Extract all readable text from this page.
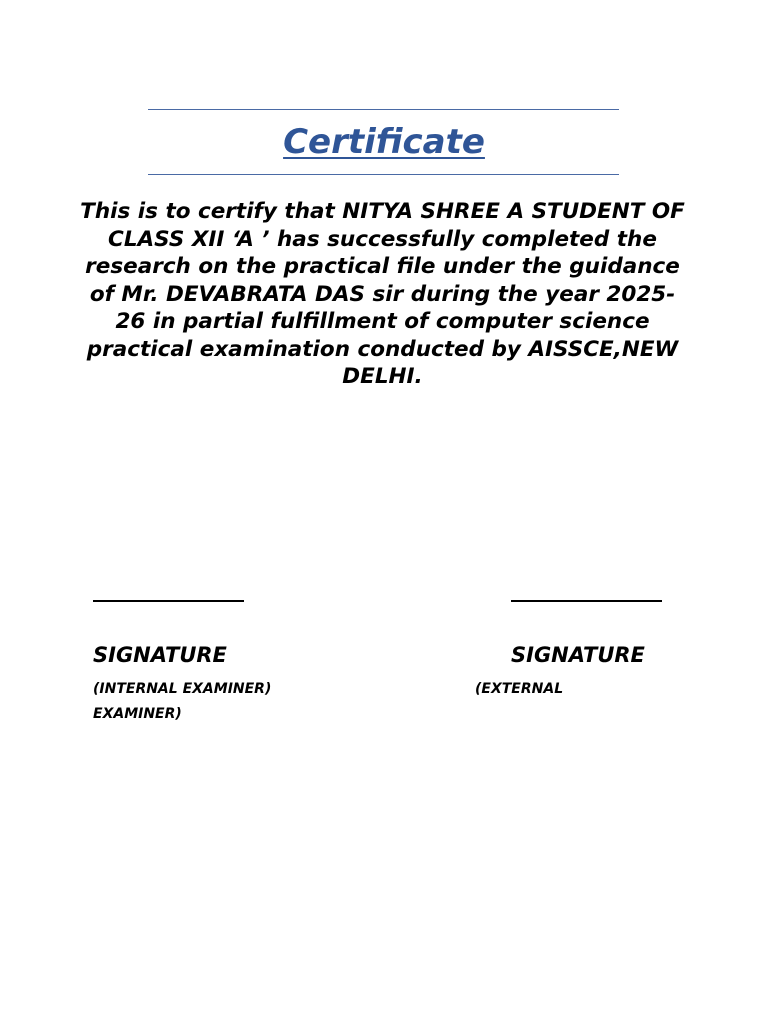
Certificate
This is to certify that NITYA SHREE A STUDENT OF CLASS XII ‘A ’ has successfully completed the research on the practical file under the guidance of Mr. DEVABRATA DAS sir during the year 2025-26 in partial fulfillment of computer science practical examination conducted by AISSCE,NEW DELHI.
SIGNATURE	SIGNATURE
(INTERNAL EXAMINER)	(EXTERNAL
EXAMINER)
